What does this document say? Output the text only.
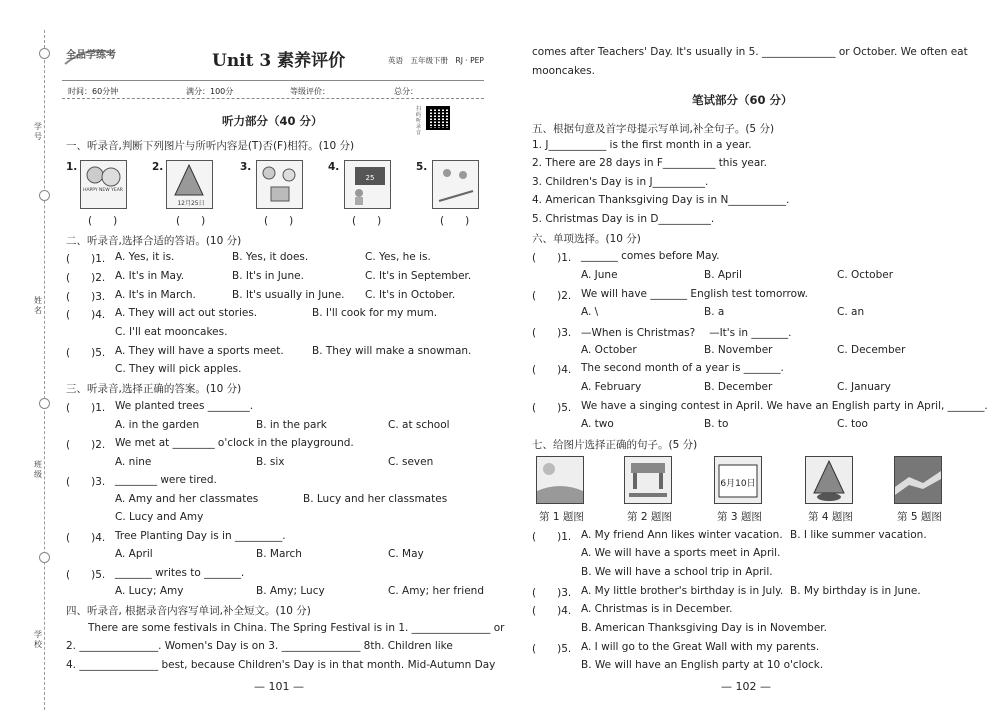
学号
姓名
班级
学校
全品学练考	Unit 3 素养评价	英语　五年级下册　RJ · PEP
时间：60分钟	满分：100分	等级评价：	总分：
听力部分（40 分）
扫码听录音
一、听录音,判断下列图片与所听内容是(T)否(F)相符。(10 分)
1.	2.	3.	4.	5.
HAPPY NEW YEAR
12月25日
25
(　　)	(　　)	(　　)	(　　)	(　　)
二、听录音,选择合适的答语。(10 分)
(　　)1. A. Yes, it is.	B. Yes, it does.	C. Yes, he is.
(　　)2. A. It's in May.	B. It's in June.	C. It's in September.
(　　)3. A. It's in March.	B. It's usually in June. C. It's in October.
(　　)4. A. They will act out stories.	B. I'll cook for my mum.
C. I'll eat mooncakes.
(　　)5. A. They will have a sports meet.	B. They will make a snowman.
C. They will pick apples.
三、听录音,选择正确的答案。(10 分)
(　　)1. We planted trees ________.
A. in the garden	B. in the park	C. at school
(　　)2. We met at ________ o'clock in the playground.
A. nine	B. six	C. seven
(　　)3. ________ were tired.
A. Amy and her classmates	B. Lucy and her classmates
C. Lucy and Amy
(　　)4. Tree Planting Day is in _________.
A. April	B. March	C. May
(　　)5. _______ writes to _______.
A. Lucy; Amy	B. Amy; Lucy	C. Amy; her friend
四、听录音, 根据录音内容写单词,补全短文。(10 分)
There are some festivals in China. The Spring Festival is in 1. _______________ or
2. _______________. Women's Day is on 3. _______________ 8th. Children like
4. _______________ best, because Children's Day is in that month. Mid-Autumn Day
— 101 —
comes after Teachers' Day. It's usually in 5. ______________ or October. We often eat
mooncakes.
笔试部分（60 分）
五、根据句意及首字母提示写单词,补全句子。(5 分)
1. J___________ is the first month in a year.
2. There are 28 days in F__________ this year.
3. Children's Day is in J__________.
4. American Thanksgiving Day is in N___________.
5. Christmas Day is in D__________.
六、单项选择。(10 分)
(　　)1. _______ comes before May.
A. June	B. April	C. October
(　　)2. We will have _______ English test tomorrow.
A. \	B. a	C. an
(　　)3. —When is Christmas?　 —It's in _______.
A. October	B. November	C. December
(　　)4. The second month of a year is _______.
A. February	B. December	C. January
(　　)5. We have a singing contest in April. We have an English party in April, _______.
A. two	B. to	C. too
七、给图片选择正确的句子。(5 分)
6月10日
第 1 题图	第 2 题图	第 3 题图	第 4 题图	第 5 题图
(　　)1. A. My friend Ann likes winter vacation. B. I like summer vacation.
A. We will have a sports meet in April.
B. We will have a school trip in April.
(　　)3. A. My little brother's birthday is in July. B. My birthday is in June.
(　　)4. A. Christmas is in December.
B. American Thanksgiving Day is in November.
(　　)5. A. I will go to the Great Wall with my parents.
B. We will have an English party at 10 o'clock.
— 102 —
